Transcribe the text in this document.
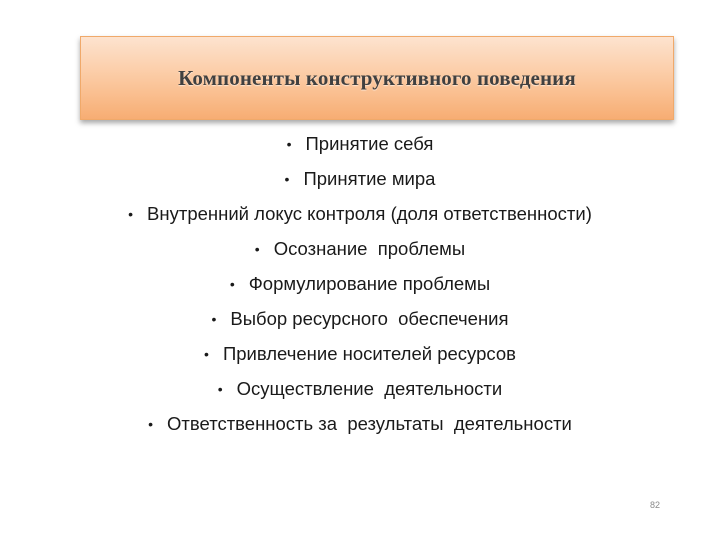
Компоненты конструктивного поведения
• Принятие себя
• Принятие мира
• Внутренний локус контроля (доля ответственности)
• Осознание  проблемы
• Формулирование проблемы
• Выбор ресурсного  обеспечения
• Привлечение носителей ресурсов
• Осуществление  деятельности
• Ответственность за  результаты  деятельности
82
